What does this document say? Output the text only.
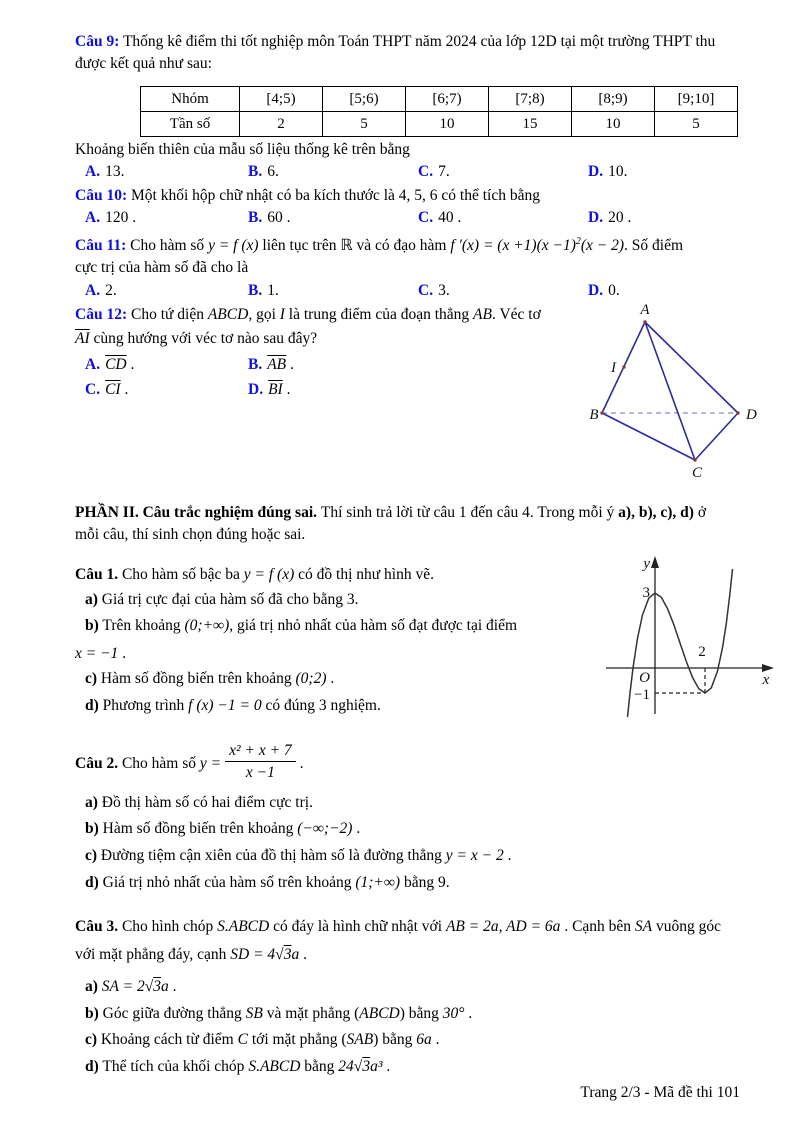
Câu 9: Thống kê điểm thi tốt nghiệp môn Toán THPT năm 2024 của lớp 12D tại một trường THPT thu
được kết quả như sau:
Nhóm	[4;5)	[5;6)	[6;7)	[7;8)	[8;9)	[9;10]
Tần số	2	5	10	15	10	5
Khoảng biến thiên của mẫu số liệu thống kê trên bằng
A. 13.	B. 6.	C. 7.	D. 10.
Câu 10: Một khối hộp chữ nhật có ba kích thước là 4, 5, 6 có thể tích bằng
A. 120 .	B. 60 .	C. 40 .	D. 20 .
Câu 11: Cho hàm số y = f (x) liên tục trên ℝ và có đạo hàm f $'(x) = (x +1)(x -1)^2(x - 2)$. Số điểm
cực trị của hàm số đã cho là
A. 2.	B. 1.	C. 3.	D. 0.
Câu 12: Cho tứ diện ABCD, gọi I là trung điểm của đoạn thẳng AB. Véc tơ
$\overline{AI}$ cùng hướng với véc tơ nào sau đây?
A. $\overline{CD}$ .	B. $\overline{AB}$ .
C. $\overline{CI}$ .	D. $\overline{BI}$ .
A
I
B	D
C
PHẦN II. Câu trắc nghiệm đúng sai. Thí sinh trả lời từ câu 1 đến câu 4. Trong mỗi ý a), b), c), d) ở
mỗi câu, thí sinh chọn đúng hoặc sai.
Câu 1. Cho hàm số bậc ba y = f (x) có đồ thị như hình vẽ.
a) Giá trị cực đại của hàm số đã cho bằng 3.
b) Trên khoảng (0;+∞), giá trị nhỏ nhất của hàm số đạt được tại điểm
x = −1 .
c) Hàm số đồng biến trên khoảng (0;2) .
d) Phương trình f (x) −1 = 0 có đúng 3 nghiệm.
y
x
3
O
2
−1
Câu 2. Cho hàm số $y = \frac{\text{x² + x + 7}}{x -1}$ .
a) Đồ thị hàm số có hai điểm cực trị.
b) Hàm số đồng biến trên khoảng (−∞;−2) .
c) Đường tiệm cận xiên của đồ thị hàm số là đường thẳng y = x − 2 .
d) Giá trị nhỏ nhất của hàm số trên khoảng (1;+∞) bằng 9.
Câu 3. Cho hình chóp S.ABCD có đáy là hình chữ nhật với AB = 2a, AD = 6a . Cạnh bên SA vuông góc
với mặt phẳng đáy, cạnh SD = 4√3a .
a) SA = 2√3a .
b) Góc giữa đường thẳng SB và mặt phẳng (ABCD) bằng 30° .
c) Khoảng cách từ điểm C tới mặt phẳng (SAB) bằng 6a .
d) Thể tích của khối chóp S.ABCD bằng 24√3a³ .
Trang 2/3 - Mã đề thi 101
